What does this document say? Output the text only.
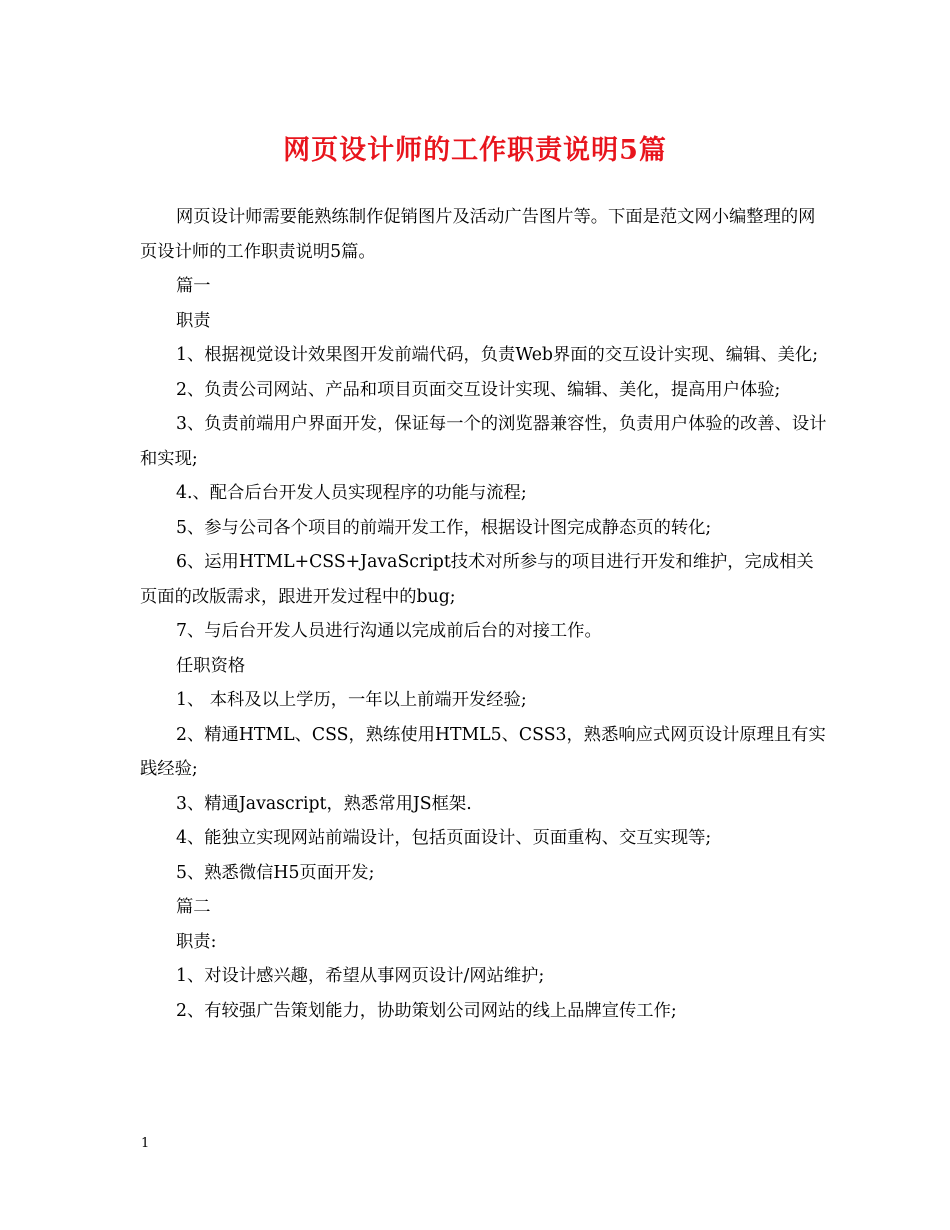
网页设计师的工作职责说明5篇

网页设计师需要能熟练制作促销图片及活动广告图片等。下面是范文网小编整理的网页设计师的工作职责说明5篇。

篇一

职责

1、根据视觉设计效果图开发前端代码，负责Web界面的交互设计实现、编辑、美化;

2、负责公司网站、产品和项目页面交互设计实现、编辑、美化，提高用户体验;

3、负责前端用户界面开发，保证每一个的浏览器兼容性，负责用户体验的改善、设计和实现;

4.、配合后台开发人员实现程序的功能与流程;

5、参与公司各个项目的前端开发工作，根据设计图完成静态页的转化;

6、运用HTML+CSS+JavaScript技术对所参与的项目进行开发和维护，完成相关页面的改版需求，跟进开发过程中的bug;

7、与后台开发人员进行沟通以完成前后台的对接工作。

任职资格

1、 本科及以上学历，一年以上前端开发经验;

2、精通HTML、CSS，熟练使用HTML5、CSS3，熟悉响应式网页设计原理且有实践经验;

3、精通Javascript，熟悉常用JS框架.

4、能独立实现网站前端设计，包括页面设计、页面重构、交互实现等;

5、熟悉微信H5页面开发;

篇二

职责:

1、对设计感兴趣，希望从事网页设计/网站维护;

2、有较强广告策划能力，协助策划公司网站的线上品牌宣传工作;

1
